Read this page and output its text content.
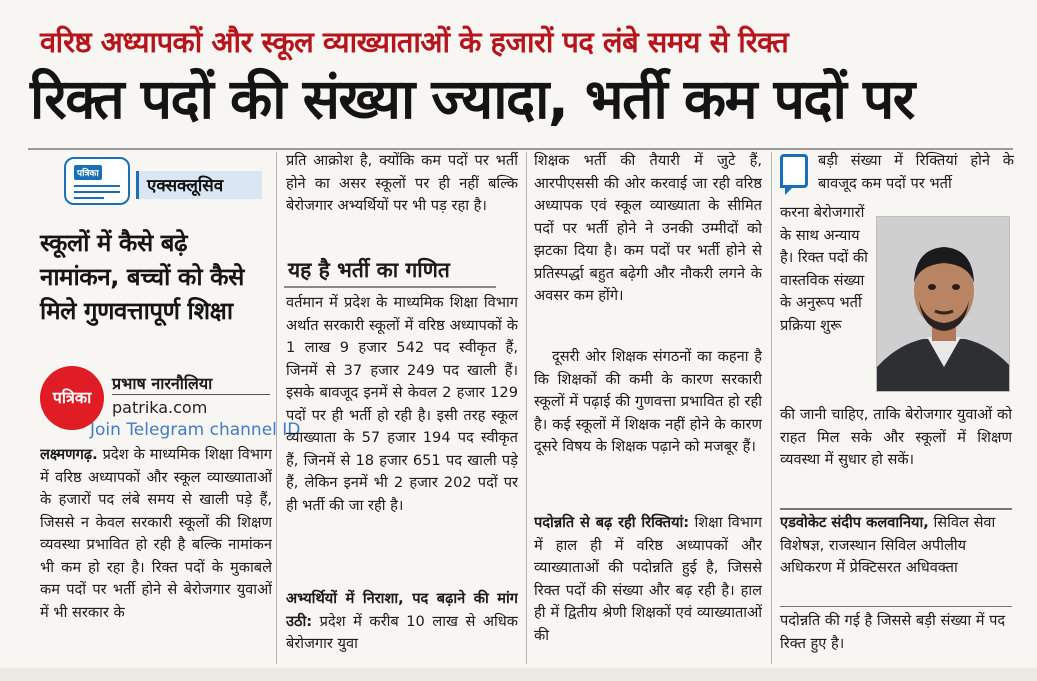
वरिष्ठ अध्यापकों और स्कूल व्याख्याताओं के हजारों पद लंबे समय से रिक्त
रिक्त पदों की संख्या ज्यादा, भर्ती कम पदों पर
पत्रिका
एक्सक्लूसिव
स्कूलों में कैसे बढ़े नामांकन, बच्चों को कैसे मिले गुणवत्तापूर्ण शिक्षा
पत्रिका
प्रभाष नारनौलिया
patrika.com
Join Telegram channel ID
लक्ष्मणगढ़. प्रदेश के माध्यमिक शिक्षा विभाग में वरिष्ठ अध्यापकों और स्कूल व्याख्याताओं के हजारों पद लंबे समय से खाली पड़े हैं, जिससे न केवल सरकारी स्कूलों की शिक्षण व्यवस्था प्रभावित हो रही है बल्कि नामांकन भी कम हो रहा है। रिक्त पदों के मुकाबले कम पदों पर भर्ती होने से बेरोजगार युवाओं में भी सरकार के
प्रति आक्रोश है, क्योंकि कम पदों पर भर्ती होने का असर स्कूलों पर ही नहीं बल्कि बेरोजगार अभ्यर्थियों पर भी पड़ रहा है।
यह है भर्ती का गणित
वर्तमान में प्रदेश के माध्यमिक शिक्षा विभाग अर्थात सरकारी स्कूलों में वरिष्ठ अध्यापकों के 1 लाख 9 हजार 542 पद स्वीकृत हैं, जिनमें से 37 हजार 249 पद खाली हैं। इसके बावजूद इनमें से केवल 2 हजार 129 पदों पर ही भर्ती हो रही है। इसी तरह स्कूल व्याख्याता के 57 हजार 194 पद स्वीकृत हैं, जिनमें से 18 हजार 651 पद खाली पड़े हैं, लेकिन इनमें भी 2 हजार 202 पदों पर ही भर्ती की जा रही है।
अभ्यर्थियों में निराशा, पद बढ़ाने की मांग उठी: प्रदेश में करीब 10 लाख से अधिक बेरोजगार युवा
शिक्षक भर्ती की तैयारी में जुटे हैं, आरपीएससी की ओर करवाई जा रही वरिष्ठ अध्यापक एवं स्कूल व्याख्याता के सीमित पदों पर भर्ती होने ने उनकी उम्मीदों को झटका दिया है। कम पदों पर भर्ती होने से प्रतिस्पर्द्धा बहुत बढ़ेगी और नौकरी लगने के अवसर कम होंगे।
दूसरी ओर शिक्षक संगठनों का कहना है कि शिक्षकों की कमी के कारण सरकारी स्कूलों में पढ़ाई की गुणवत्ता प्रभावित हो रही है। कई स्कूलों में शिक्षक नहीं होने के कारण दूसरे विषय के शिक्षक पढ़ाने को मजबूर हैं।
पदोन्नति से बढ़ रही रिक्तियां: शिक्षा विभाग में हाल ही में वरिष्ठ अध्यापकों और व्याख्याताओं की पदोन्नति हुई है, जिससे रिक्त पदों की संख्या और बढ़ रही है। हाल ही में द्वितीय श्रेणी शिक्षकों एवं व्याख्याताओं की
बड़ी संख्या में रिक्तियां होने के बावजूद कम पदों पर भर्ती
करना बेरोजगारों के साथ अन्याय है। रिक्त पदों की वास्तविक संख्या के अनुरूप भर्ती प्रक्रिया शुरू
की जानी चाहिए, ताकि बेरोजगार युवाओं को राहत मिल सके और स्कूलों में शिक्षण व्यवस्था में सुधार हो सकें।
एडवोकेट संदीप कलवानिया, सिविल सेवा विशेषज्ञ, राजस्थान सिविल अपीलीय अधिकरण में प्रेक्टिसरत अधिवक्ता
पदोन्नति की गई है जिससे बड़ी संख्या में पद रिक्त हुए है।
